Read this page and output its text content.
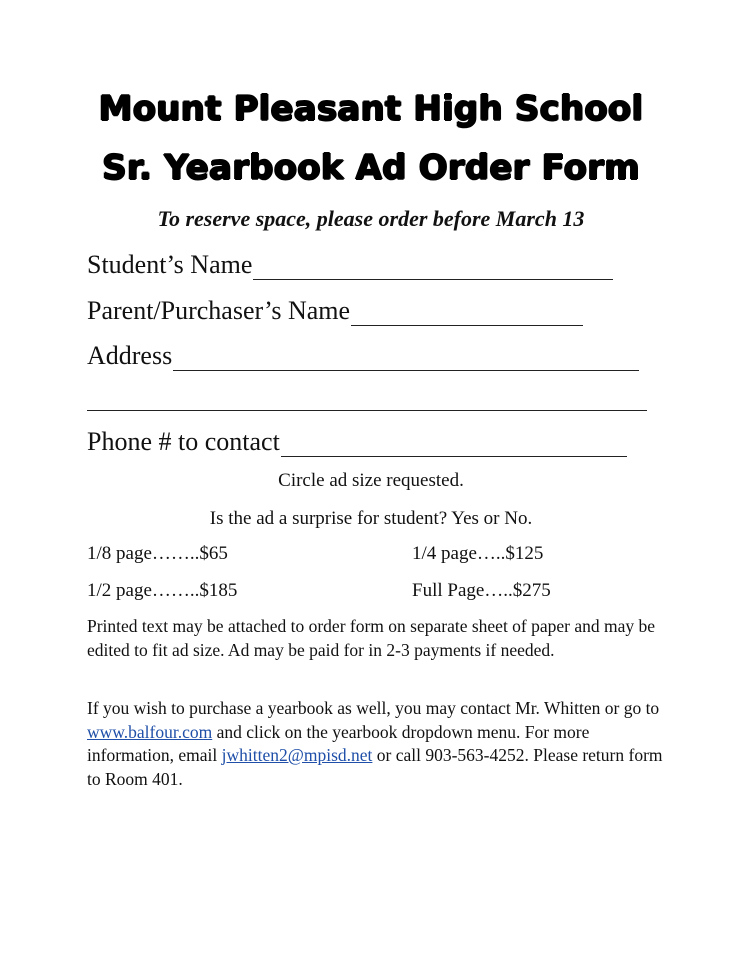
Mount Pleasant High School
Sr. Yearbook Ad Order Form
To reserve space, please order before March 13
Student’s Name
Parent/Purchaser’s Name
Address
Phone # to contact
Circle ad size requested.
Is the ad a surprise for student? Yes or No.
1/8 page……..$65	1/4 page…..$125
1/2 page……..$185	Full Page…..$275
Printed text may be attached to order form on separate sheet of paper and may be edited to fit ad size. Ad may be paid for in 2-3 payments if needed.
If you wish to purchase a yearbook as well, you may contact Mr. Whitten or go to www.balfour.com and click on the yearbook dropdown menu. For more information, email jwhitten2@mpisd.net or call 903-563-4252. Please return form to Room 401.
